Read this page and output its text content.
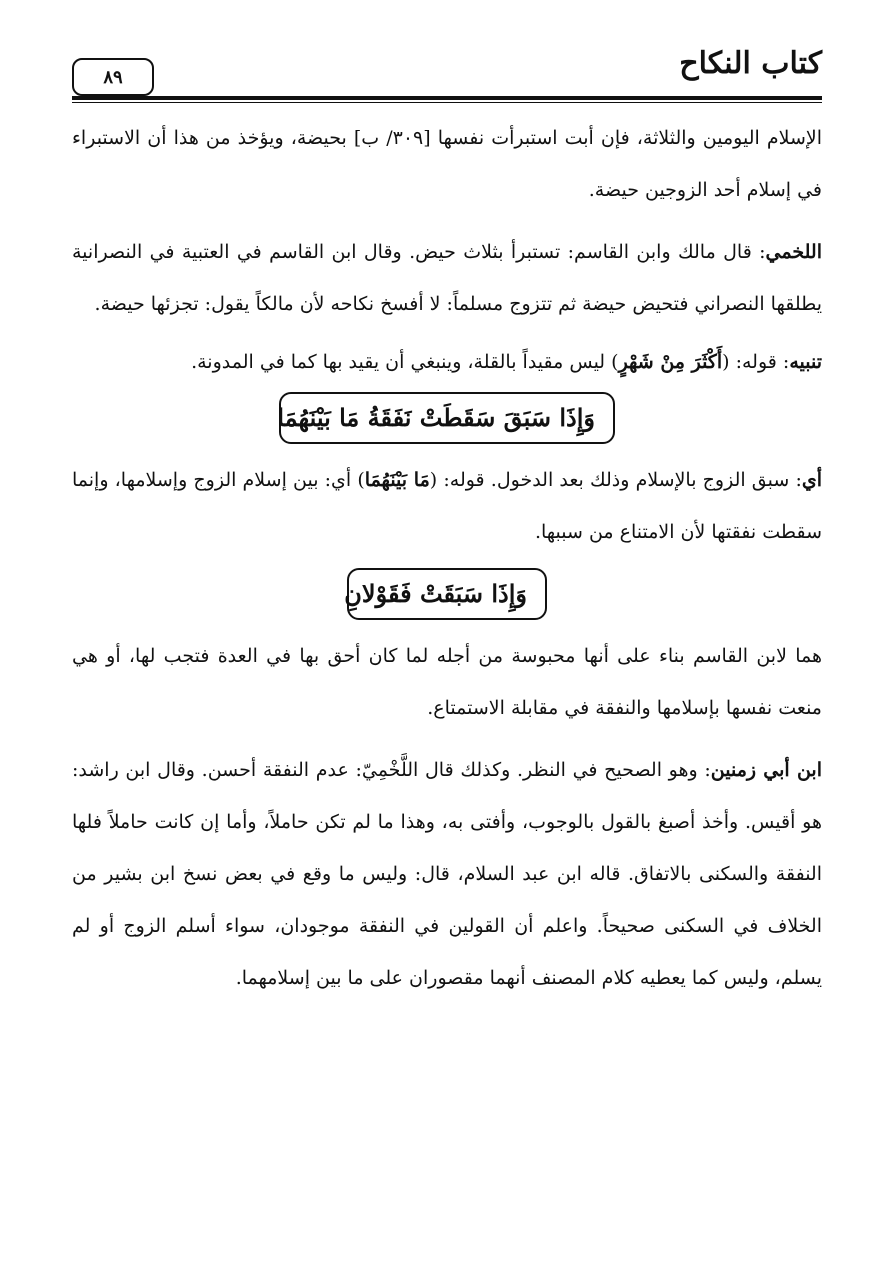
كتاب النكاح
٨٩

الإسلام اليومين والثلاثة، فإن أبت استبرأت نفسها [٣٠٩/ ب] بحيضة، ويؤخذ من هذا أن الاستبراء في إسلام أحد الزوجين حيضة.

اللخمي: قال مالك وابن القاسم: تستبرأ بثلاث حيض. وقال ابن القاسم في العتبية في النصرانية يطلقها النصراني فتحيض حيضة ثم تتزوج مسلماً: لا أفسخ نكاحه لأن مالكاً يقول: تجزئها حيضة.

تنبيه: قوله: (أَكْثَرَ مِنْ شَهْرٍ) ليس مقيداً بالقلة، وينبغي أن يقيد بها كما في المدونة.

وَإِذَا سَبَقَ سَقَطَتْ نَفَقَةُ مَا بَيْنَهُمَا

أي: سبق الزوج بالإسلام وذلك بعد الدخول. قوله: (مَا بَيْنَهُمَا) أي: بين إسلام الزوج وإسلامها، وإنما سقطت نفقتها لأن الامتناع من سببها.

وَإِذَا سَبَقَتْ فَقَوْلانِ

هما لابن القاسم بناء على أنها محبوسة من أجله لما كان أحق بها في العدة فتجب لها، أو هي منعت نفسها بإسلامها والنفقة في مقابلة الاستمتاع.

ابن أبي زمنين: وهو الصحيح في النظر. وكذلك قال اللَّخْمِيّ: عدم النفقة أحسن. وقال ابن راشد: هو أقيس. وأخذ أصبغ بالقول بالوجوب، وأفتى به، وهذا ما لم تكن حاملاً، وأما إن كانت حاملاً فلها النفقة والسكنى بالاتفاق. قاله ابن عبد السلام، قال: وليس ما وقع في بعض نسخ ابن بشير من الخلاف في السكنى صحيحاً. واعلم أن القولين في النفقة موجودان، سواء أسلم الزوج أو لم يسلم، وليس كما يعطيه كلام المصنف أنهما مقصوران على ما بين إسلامهما.
